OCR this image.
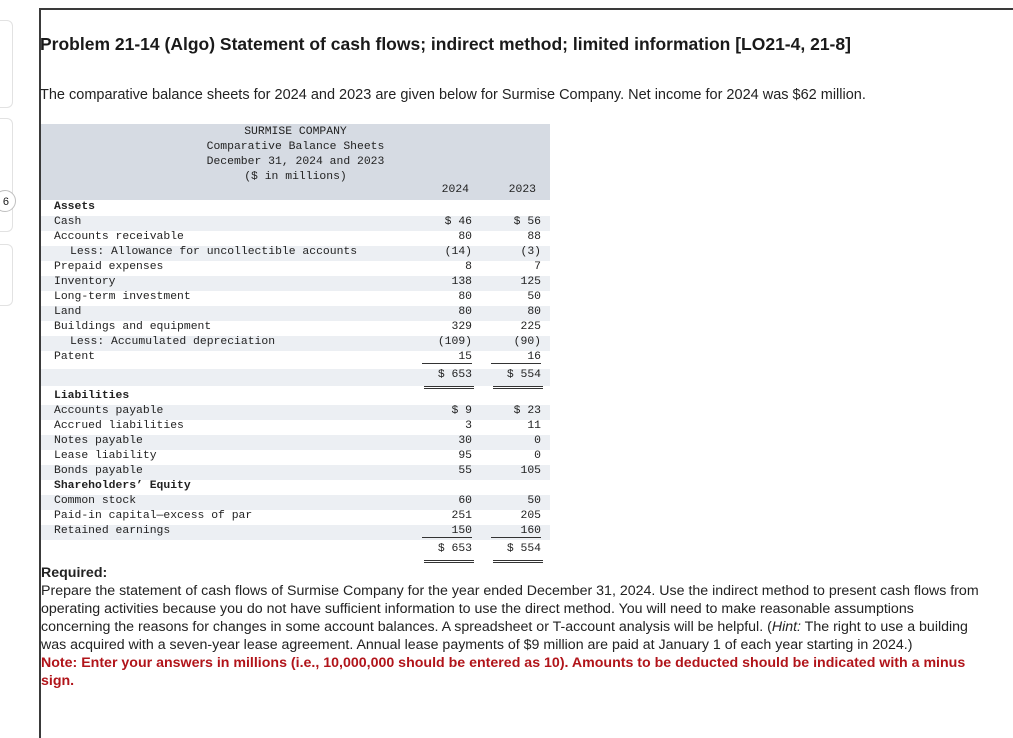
6
Problem 21-14 (Algo) Statement of cash flows; indirect method; limited information [LO21-4, 21-8]
The comparative balance sheets for 2024 and 2023 are given below for Surmise Company. Net income for 2024 was $62 million.
SURMISE COMPANY
Comparative Balance Sheets
December 31, 2024 and 2023
($ in millions)
2024	2023
Assets
Cash	$ 46	$ 56
Accounts receivable	80	88
Less: Allowance for uncollectible accounts	(14)	(3)
Prepaid expenses	8	7
Inventory	138	125
Long-term investment	80	50
Land	80	80
Buildings and equipment	329	225
Less: Accumulated depreciation	(109)	(90)
Patent	15	16
$ 653	$ 554
Liabilities
Accounts payable	$ 9	$ 23
Accrued liabilities	3	11
Notes payable	30	0
Lease liability	95	0
Bonds payable	55	105
Shareholders’ Equity
Common stock	60	50
Paid-in capital—excess of par	251	205
Retained earnings	150	160
$ 653	$ 554
Required:
Prepare the statement of cash flows of Surmise Company for the year ended December 31, 2024. Use the indirect method to present cash flows from operating activities because you do not have sufficient information to use the direct method. You will need to make reasonable assumptions concerning the reasons for changes in some account balances. A spreadsheet or T-account analysis will be helpful. (Hint: The right to use a building was acquired with a seven-year lease agreement. Annual lease payments of $9 million are paid at January 1 of each year starting in 2024.)
Note: Enter your answers in millions (i.e., 10,000,000 should be entered as 10). Amounts to be deducted should be indicated with a minus sign.
